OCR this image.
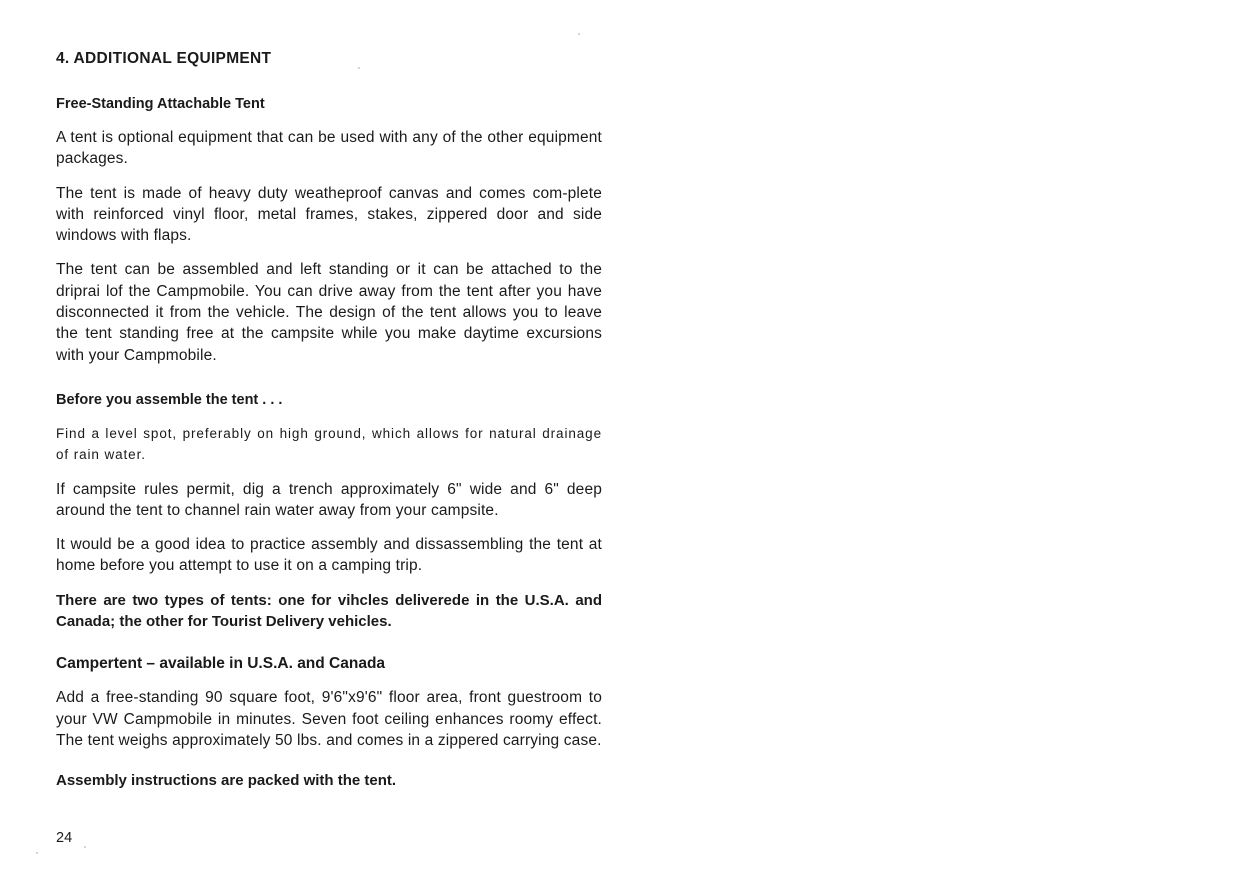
4. ADDITIONAL EQUIPMENT
Free-Standing Attachable Tent

A tent is optional equipment that can be used with any of the other equipment packages.

The tent is made of heavy duty weatheproof canvas and comes com-plete with reinforced vinyl floor, metal frames, stakes, zippered door and side windows with flaps.

The tent can be assembled and left standing or it can be attached to the driprai lof the Campmobile. You can drive away from the tent after you have disconnected it from the vehicle. The design of the tent allows you to leave the tent standing free at the campsite while you make daytime excursions with your Campmobile.

Before you assemble the tent . . .

Find a level spot, preferably on high ground, which allows for natural drainage of rain water.

If campsite rules permit, dig a trench approximately 6" wide and 6" deep around the tent to channel rain water away from your campsite.

It would be a good idea to practice assembly and dissassembling the tent at home before you attempt to use it on a camping trip.

There are two types of tents: one for vihcles deliverede in the U.S.A. and Canada; the other for Tourist Delivery vehicles.

Campertent – available in U.S.A. and Canada

Add a free-standing 90 square foot, 9'6"x9'6" floor area, front guestroom to your VW Campmobile in minutes. Seven foot ceiling enhances roomy effect. The tent weighs approximately 50 lbs. and comes in a zippered carrying case.

Assembly instructions are packed with the tent.
24
